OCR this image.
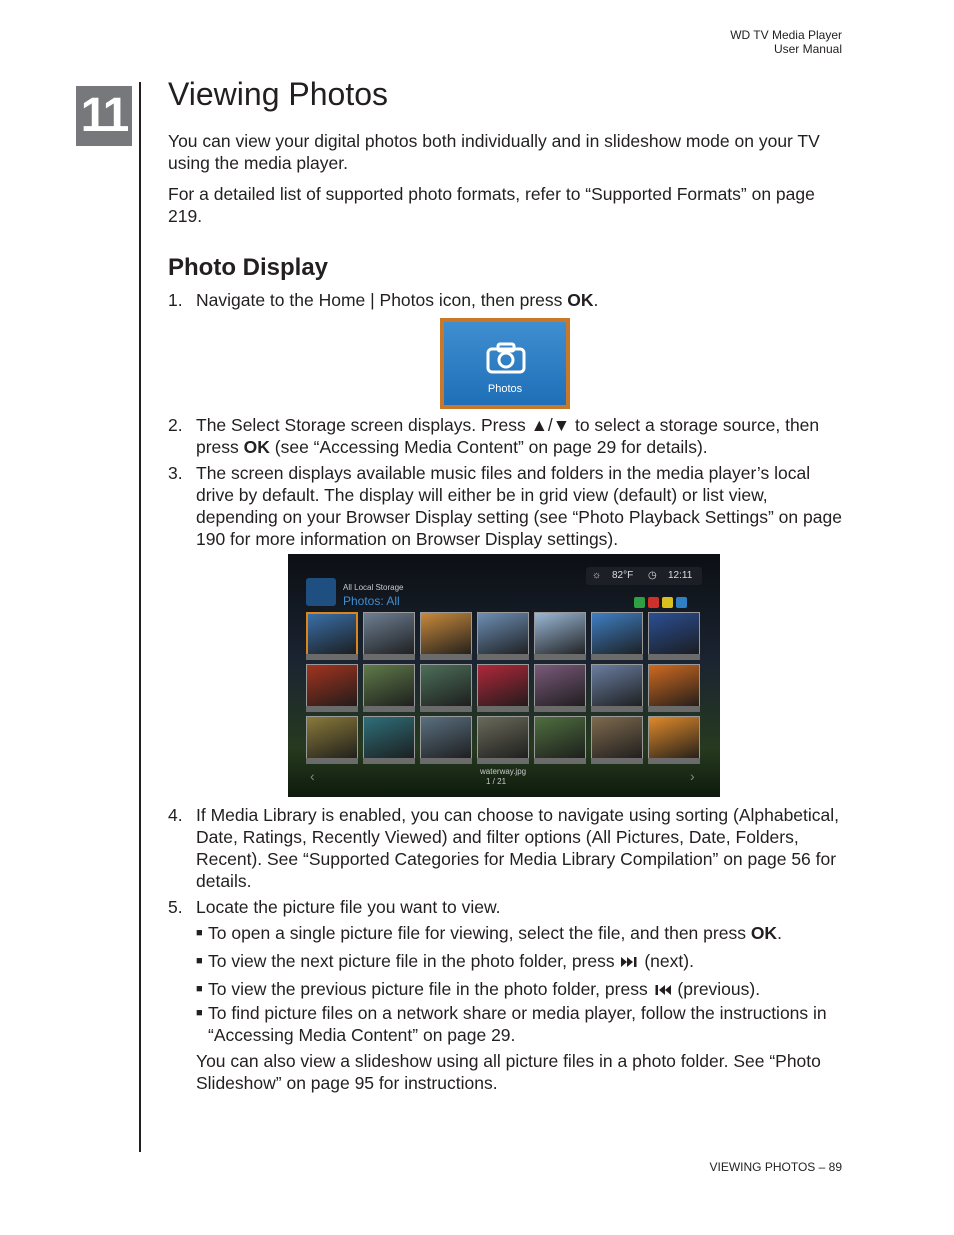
WD TV Media Player
User Manual
11 Viewing Photos

You can view your digital photos both individually and in slideshow mode on your TV using the media player.

For a detailed list of supported photo formats, refer to “Supported Formats” on page 219.

Photo Display
1. Navigate to the Home | Photos icon, then press OK.
Photos
2. The Select Storage screen displays. Press ▲/▼ to select a storage source, then press OK (see “Accessing Media Content” on page 29 for details).
3. The screen displays available music files and folders in the media player’s local drive by default. The display will either be in grid view (default) or list view, depending on your Browser Display setting (see “Photo Playback Settings” on page 190 for more information on Browser Display settings).
All Local Storage
Photos: All
☼ 82°F ◷ 12:11
‹	›
waterway.jpg
1 / 21
4. If Media Library is enabled, you can choose to navigate using sorting (Alphabetical, Date, Ratings, Recently Viewed) and filter options (All Pictures, Date, Folders, Recent). See “Supported Categories for Media Library Compilation” on page 56 for details.
5. Locate the picture file you want to view.
■ To open a single picture file for viewing, select the file, and then press OK.
■ To view the next picture file in the photo folder, press  (next).
■ To view the previous picture file in the photo folder, press  (previous).
■ To find picture files on a network share or media player, follow the instructions in “Accessing Media Content” on page 29.
You can also view a slideshow using all picture files in a photo folder. See “Photo Slideshow” on page 95 for instructions.
VIEWING PHOTOS – 89
